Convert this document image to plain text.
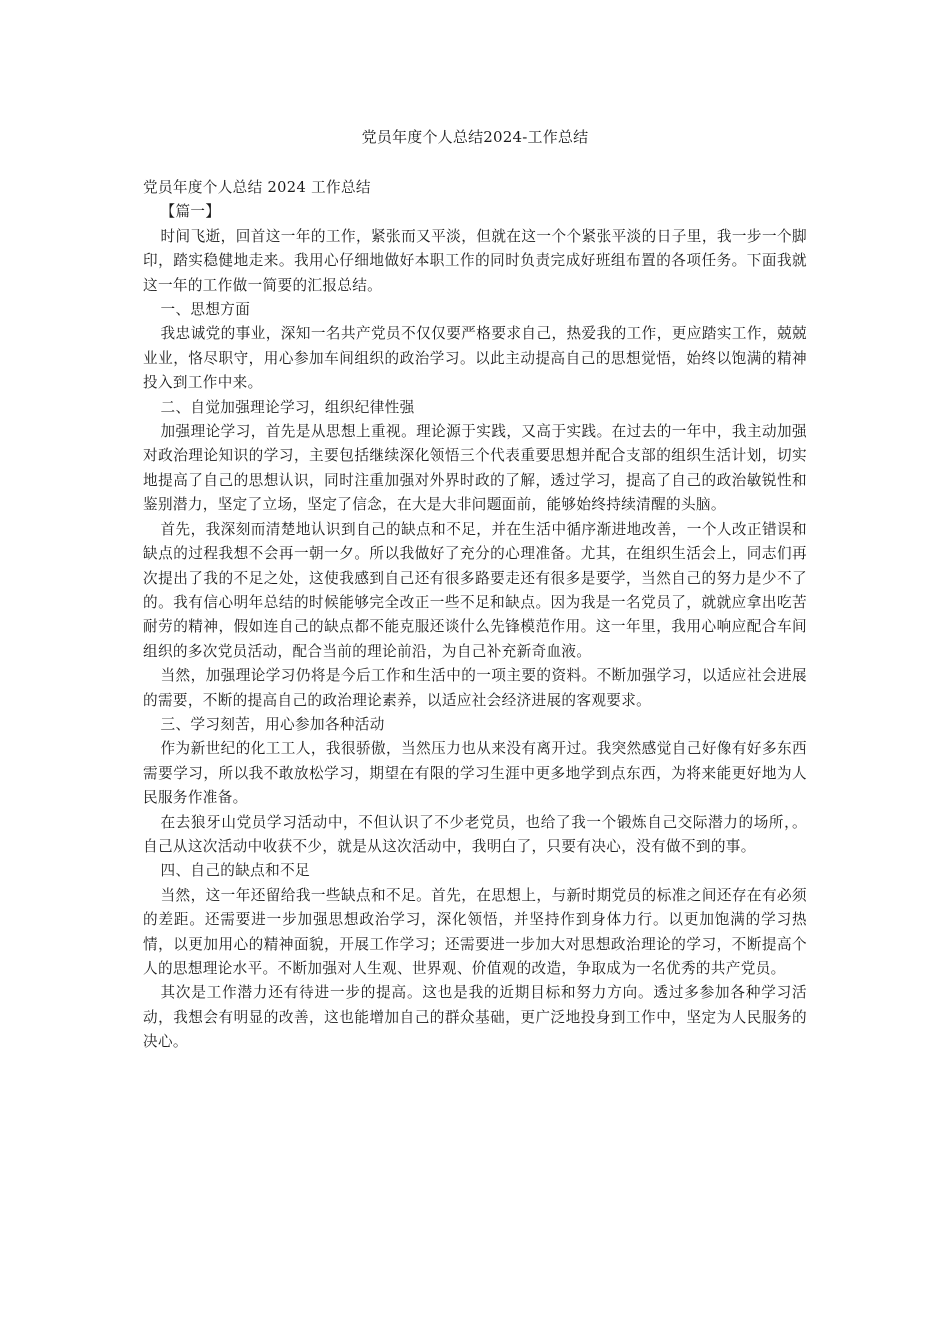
党员年度个人总结2024-工作总结

党员年度个人总结 2024 工作总结

【篇一】

时间飞逝，回首这一年的工作，紧张而又平淡，但就在这一个个紧张平淡的日子里，我一步一个脚印，踏实稳健地走来。我用心仔细地做好本职工作的同时负责完成好班组布置的各项任务。下面我就这一年的工作做一简要的汇报总结。

一、思想方面

我忠诚党的事业，深知一名共产党员不仅仅要严格要求自己，热爱我的工作，更应踏实工作，兢兢业业，恪尽职守，用心参加车间组织的政治学习。以此主动提高自己的思想觉悟，始终以饱满的精神投入到工作中来。

二、自觉加强理论学习，组织纪律性强

加强理论学习，首先是从思想上重视。理论源于实践，又高于实践。在过去的一年中，我主动加强对政治理论知识的学习，主要包括继续深化领悟三个代表重要思想并配合支部的组织生活计划，切实地提高了自己的思想认识，同时注重加强对外界时政的了解，透过学习，提高了自己的政治敏锐性和鉴别潜力，坚定了立场，坚定了信念，在大是大非问题面前，能够始终持续清醒的头脑。

首先，我深刻而清楚地认识到自己的缺点和不足，并在生活中循序渐进地改善，一个人改正错误和缺点的过程我想不会再一朝一夕。所以我做好了充分的心理准备。尤其，在组织生活会上，同志们再次提出了我的不足之处，这使我感到自己还有很多路要走还有很多是要学，当然自己的努力是少不了的。我有信心明年总结的时候能够完全改正一些不足和缺点。因为我是一名党员了，就就应拿出吃苦耐劳的精神，假如连自己的缺点都不能克服还谈什么先锋模范作用。这一年里，我用心响应配合车间组织的多次党员活动，配合当前的理论前沿，为自己补充新奇血液。

当然，加强理论学习仍将是今后工作和生活中的一项主要的资料。不断加强学习，以适应社会进展的需要，不断的提高自己的政治理论素养，以适应社会经济进展的客观要求。

三、学习刻苦，用心参加各种活动

作为新世纪的化工工人，我很骄傲，当然压力也从来没有离开过。我突然感觉自己好像有好多东西需要学习，所以我不敢放松学习，期望在有限的学习生涯中更多地学到点东西，为将来能更好地为人民服务作准备。

在去狼牙山党员学习活动中，不但认识了不少老党员，也给了我一个锻炼自己交际潜力的场所，。自己从这次活动中收获不少，就是从这次活动中，我明白了，只要有决心，没有做不到的事。

四、自己的缺点和不足

当然，这一年还留给我一些缺点和不足。首先，在思想上，与新时期党员的标准之间还存在有必须的差距。还需要进一步加强思想政治学习，深化领悟，并坚持作到身体力行。以更加饱满的学习热情，以更加用心的精神面貌，开展工作学习；还需要进一步加大对思想政治理论的学习，不断提高个人的思想理论水平。不断加强对人生观、世界观、价值观的改造，争取成为一名优秀的共产党员。

其次是工作潜力还有待进一步的提高。这也是我的近期目标和努力方向。透过多参加各种学习活动，我想会有明显的改善，这也能增加自己的群众基础，更广泛地投身到工作中，坚定为人民服务的决心。
